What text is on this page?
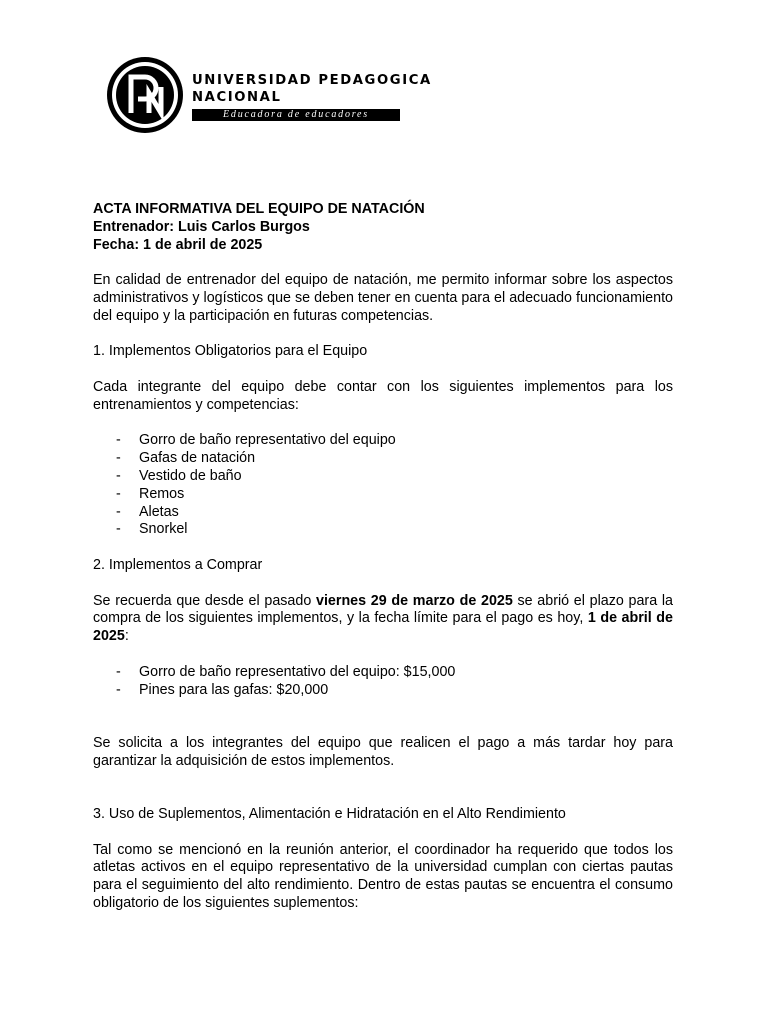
UNIVERSIDAD PEDAGOGICA
NACIONAL
Educadora de educadores

ACTA INFORMATIVA DEL EQUIPO DE NATACIÓN

Entrenador: Luis Carlos Burgos

Fecha: 1 de abril de 2025

En calidad de entrenador del equipo de natación, me permito informar sobre los aspectos administrativos y logísticos que se deben tener en cuenta para el adecuado funcionamiento del equipo y la participación en futuras competencias.

1. Implementos Obligatorios para el Equipo

Cada integrante del equipo debe contar con los siguientes implementos para los entrenamientos y competencias:

- Gorro de baño representativo del equipo
- Gafas de natación
- Vestido de baño
- Remos
- Aletas
- Snorkel

2. Implementos a Comprar

Se recuerda que desde el pasado viernes 29 de marzo de 2025 se abrió el plazo para la compra de los siguientes implementos, y la fecha límite para el pago es hoy, 1 de abril de 2025:

- Gorro de baño representativo del equipo: $15,000
- Pines para las gafas: $20,000

Se solicita a los integrantes del equipo que realicen el pago a más tardar hoy para garantizar la adquisición de estos implementos.

3. Uso de Suplementos, Alimentación e Hidratación en el Alto Rendimiento

Tal como se mencionó en la reunión anterior, el coordinador ha requerido que todos los atletas activos en el equipo representativo de la universidad cumplan con ciertas pautas para el seguimiento del alto rendimiento. Dentro de estas pautas se encuentra el consumo obligatorio de los siguientes suplementos:
